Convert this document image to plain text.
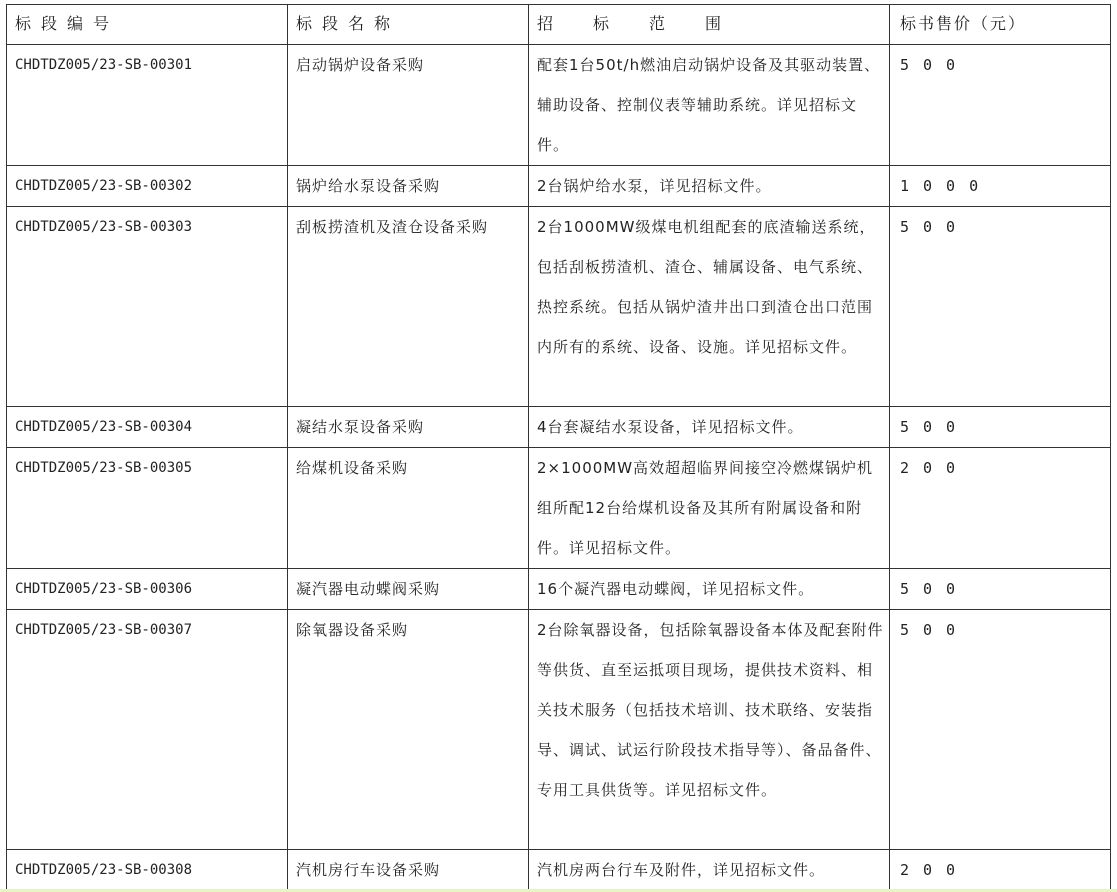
标段编号	标段名称	招标范围	标书售价（元）
CHDTDZ005/23-SB-00301	启动锅炉设备采购	配套1台50t/h燃油启动锅炉设备及其驱动装置、辅助设备、控制仪表等辅助系统。详见招标文件。	500
CHDTDZ005/23-SB-00302	锅炉给水泵设备采购	2台锅炉给水泵，详见招标文件。	1000
CHDTDZ005/23-SB-00303	刮板捞渣机及渣仓设备采购	2台1000MW级煤电机组配套的底渣输送系统，包括刮板捞渣机、渣仓、辅属设备、电气系统、热控系统。包括从锅炉渣井出口到渣仓出口范围内所有的系统、设备、设施。详见招标文件。	500
CHDTDZ005/23-SB-00304	凝结水泵设备采购	4台套凝结水泵设备，详见招标文件。	500
CHDTDZ005/23-SB-00305	给煤机设备采购	2×1000MW高效超超临界间接空冷燃煤锅炉机组所配12台给煤机设备及其所有附属设备和附件。详见招标文件。	200
CHDTDZ005/23-SB-00306	凝汽器电动蝶阀采购	16个凝汽器电动蝶阀，详见招标文件。	500
CHDTDZ005/23-SB-00307	除氧器设备采购	2台除氧器设备，包括除氧器设备本体及配套附件等供货、直至运抵项目现场，提供技术资料、相关技术服务（包括技术培训、技术联络、安装指导、调试、试运行阶段技术指导等）、备品备件、专用工具供货等。详见招标文件。	500
CHDTDZ005/23-SB-00308	汽机房行车设备采购	汽机房两台行车及附件，详见招标文件。	200
